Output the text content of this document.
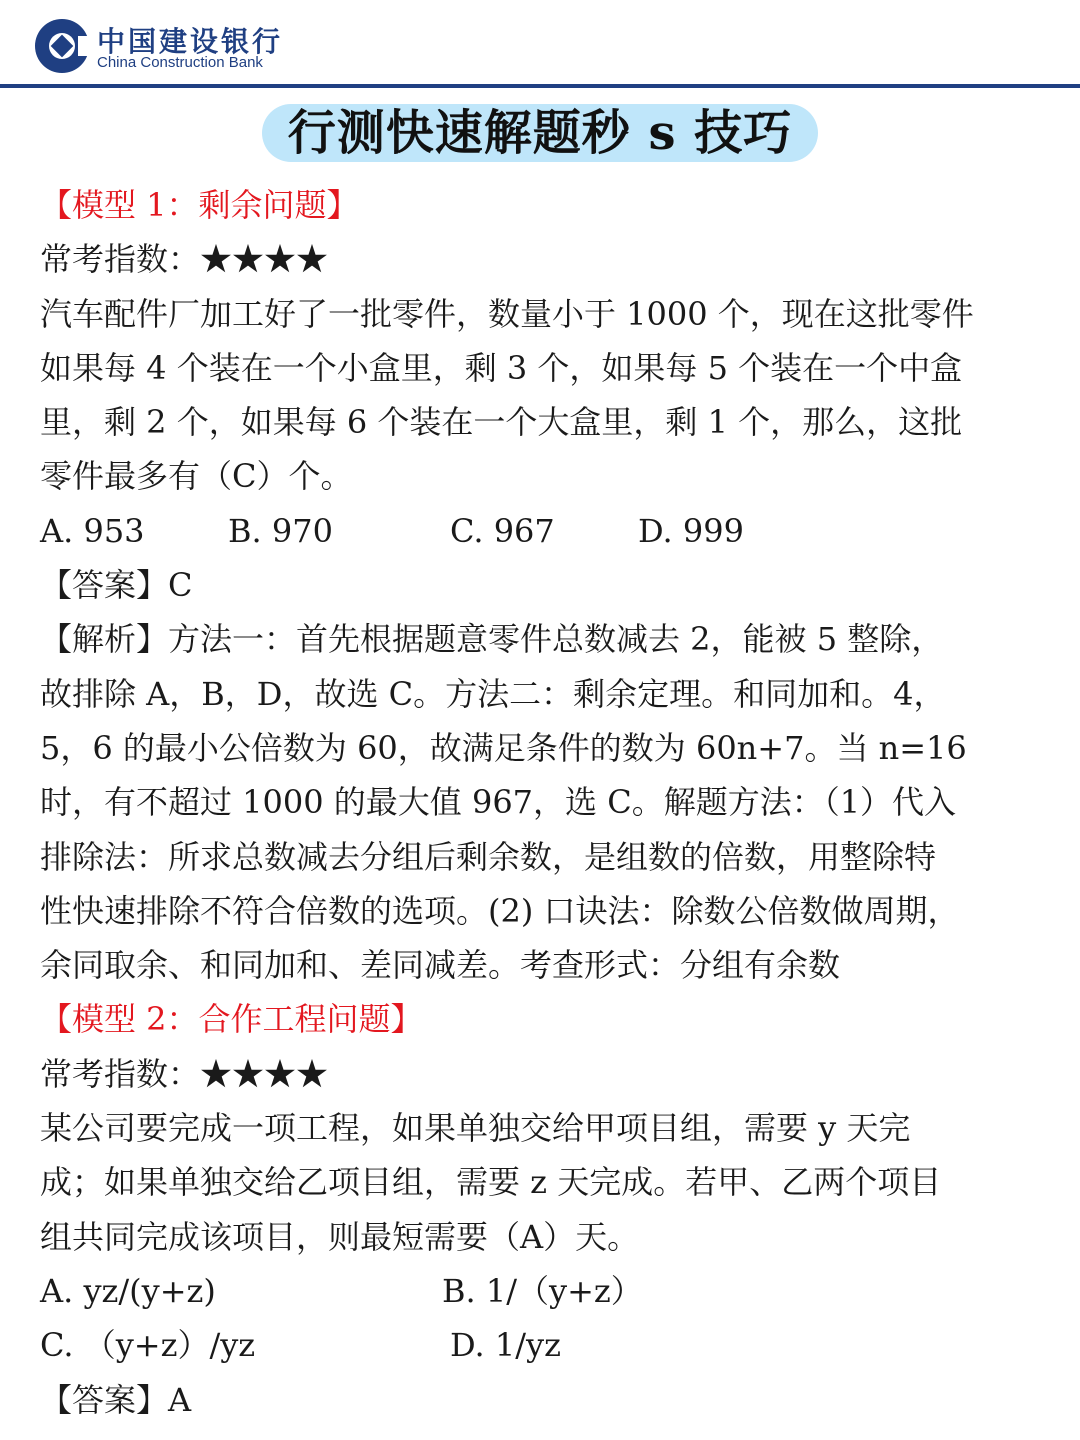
中国建设银行
China Construction Bank
行测快速解题秒 s 技巧
【模型 1：剩余问题】
常考指数：★★★★
汽车配件厂加工好了一批零件，数量小于 1000 个，现在这批零件
如果每 4 个装在一个小盒里，剩 3 个，如果每 5 个装在一个中盒
里，剩 2 个，如果每 6 个装在一个大盒里，剩 1 个，那么，这批
零件最多有（C）个。
A. 953	B. 970	C. 967	D. 999
【答案】C
【解析】方法一：首先根据题意零件总数减去 2，能被 5 整除，
故排除 A，B，D，故选 C。方法二：剩余定理。和同加和。4，
5，6 的最小公倍数为 60，故满足条件的数为 60n+7。当 n=16
时，有不超过 1000 的最大值 967，选 C。解题方法：（1）代入
排除法：所求总数减去分组后剩余数，是组数的倍数，用整除特
性快速排除不符合倍数的选项。(2) 口诀法：除数公倍数做周期，
余同取余、和同加和、差同减差。考查形式：分组有余数
【模型 2：合作工程问题】
常考指数：★★★★
某公司要完成一项工程，如果单独交给甲项目组，需要 y 天完
成；如果单独交给乙项目组，需要 z 天完成。若甲、乙两个项目
组共同完成该项目，则最短需要（A）天。
A. yz/(y+z)	B. 1/（y+z）
C. （y+z）/yz	D. 1/yz
【答案】A
